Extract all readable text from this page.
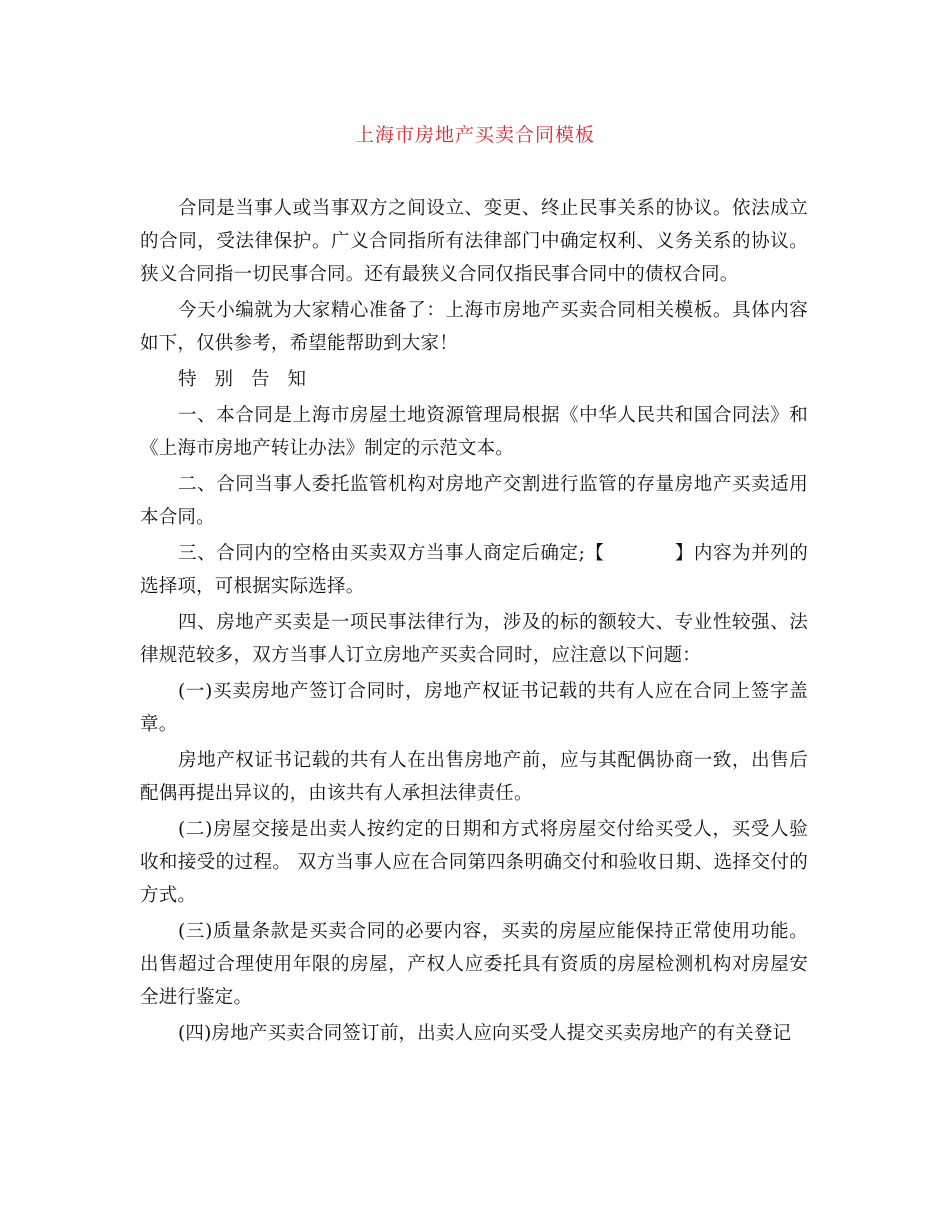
上海市房地产买卖合同模板

合同是当事人或当事双方之间设立、变更、终止民事关系的协议。依法成立的合同，受法律保护。广义合同指所有法律部门中确定权利、义务关系的协议。狭义合同指一切民事合同。还有最狭义合同仅指民事合同中的债权合同。

今天小编就为大家精心准备了：上海市房地产买卖合同相关模板。具体内容如下，仅供参考，希望能帮助到大家！

特别告知

一、本合同是上海市房屋土地资源管理局根据《中华人民共和国合同法》和《上海市房地产转让办法》制定的示范文本。

二、合同当事人委托监管机构对房地产交割进行监管的存量房地产买卖适用本合同。

三、合同内的空格由买卖双方当事人商定后确定;【	】内容为并列的选择项，可根据实际选择。

四、房地产买卖是一项民事法律行为，涉及的标的额较大、专业性较强、法律规范较多，双方当事人订立房地产买卖合同时，应注意以下问题：

(一)买卖房地产签订合同时，房地产权证书记载的共有人应在合同上签字盖章。

房地产权证书记载的共有人在出售房地产前，应与其配偶协商一致，出售后配偶再提出异议的，由该共有人承担法律责任。

(二)房屋交接是出卖人按约定的日期和方式将房屋交付给买受人，买受人验收和接受的过程。 双方当事人应在合同第四条明确交付和验收日期、选择交付的方式。

(三)质量条款是买卖合同的必要内容，买卖的房屋应能保持正常使用功能。出售超过合理使用年限的房屋，产权人应委托具有资质的房屋检测机构对房屋安全进行鉴定。

(四)房地产买卖合同签订前，出卖人应向买受人提交买卖房地产的有关登记
